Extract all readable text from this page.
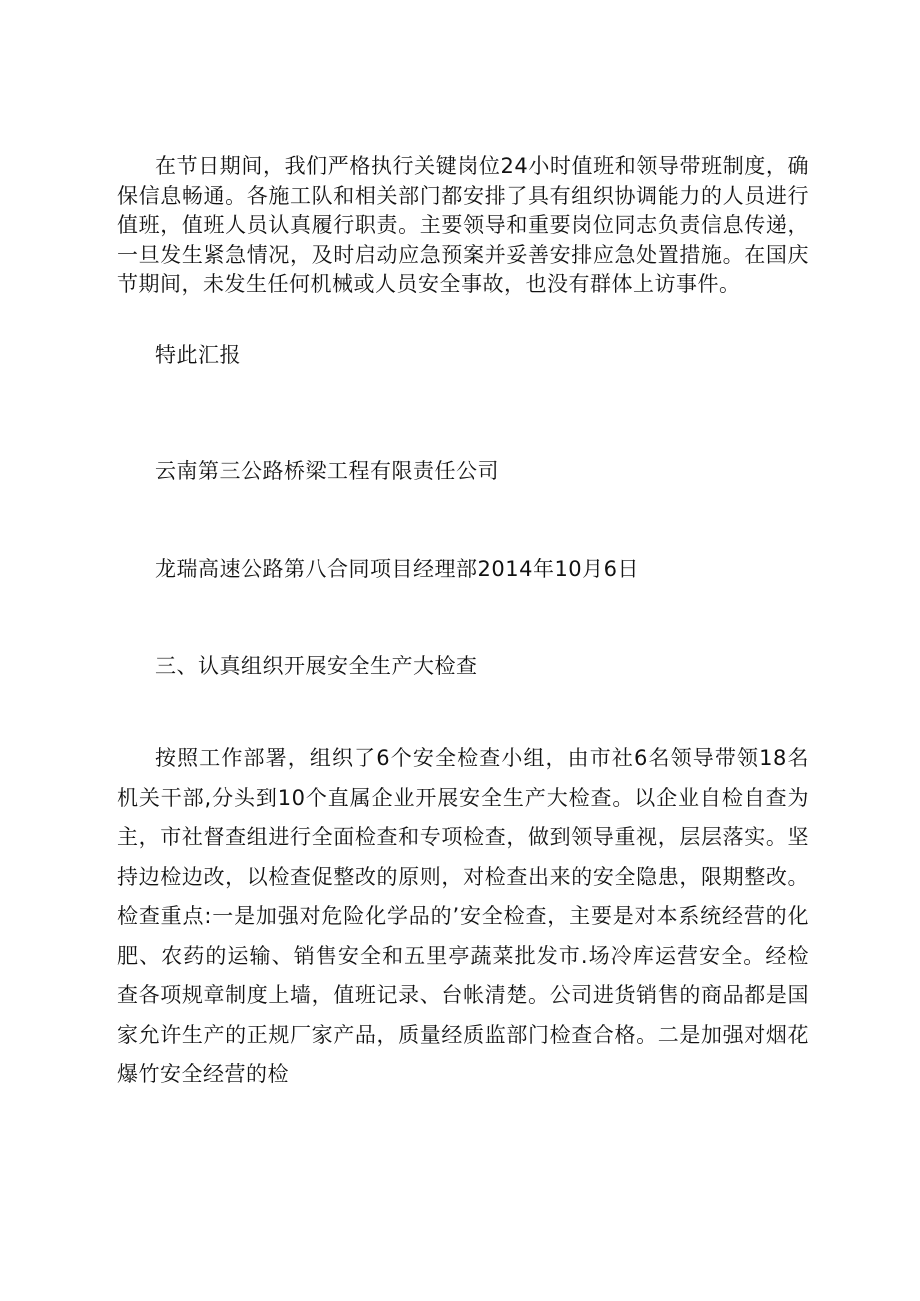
在节日期间，我们严格执行关键岗位24小时值班和领导带班制度，确保信息畅通。各施工队和相关部门都安排了具有组织协调能力的人员进行值班，值班人员认真履行职责。主要领导和重要岗位同志负责信息传递，一旦发生紧急情况，及时启动应急预案并妥善安排应急处置措施。在国庆节期间，未发生任何机械或人员安全事故，也没有群体上访事件。

特此汇报

云南第三公路桥梁工程有限责任公司

龙瑞高速公路第八合同项目经理部2014年10月6日

三、认真组织开展安全生产大检查

按照工作部署，组织了6个安全检查小组，由市社6名领导带领18名机关干部,分头到10个直属企业开展安全生产大检查。以企业自检自查为主，市社督查组进行全面检查和专项检查，做到领导重视，层层落实。坚持边检边改，以检查促整改的原则，对检查出来的安全隐患，限期整改。检查重点:一是加强对危险化学品的’安全检查，主要是对本系统经营的化肥、农药的运输、销售安全和五里亭蔬菜批发市.场冷库运营安全。经检查各项规章制度上墙，值班记录、台帐清楚。公司进货销售的商品都是国家允许生产的正规厂家产品，质量经质监部门检查合格。二是加强对烟花爆竹安全经营的检
